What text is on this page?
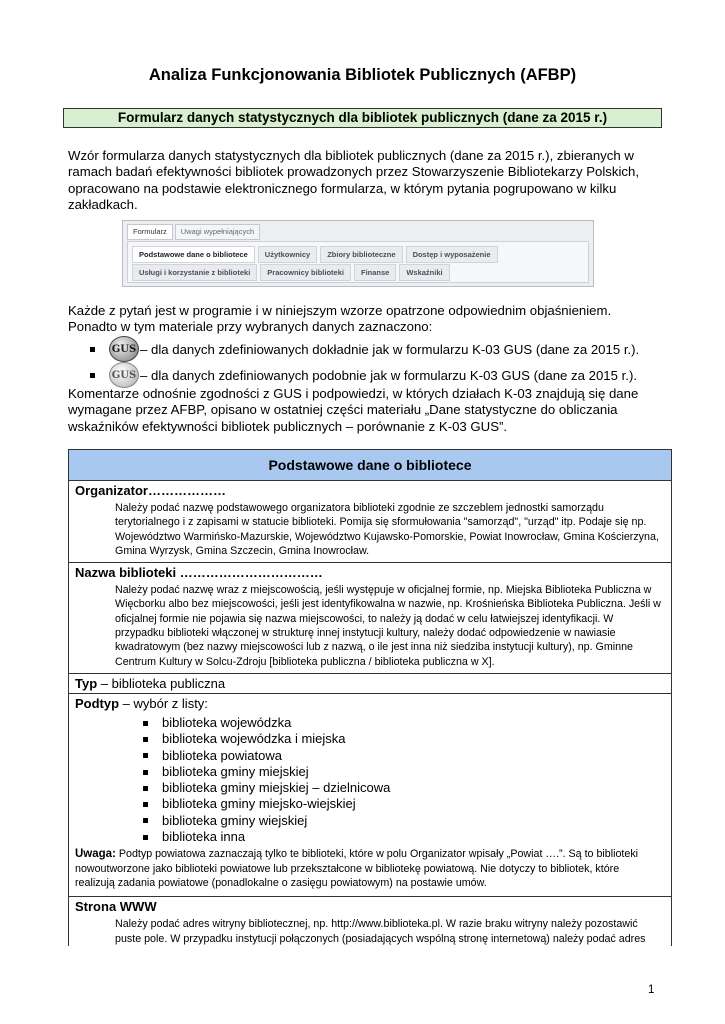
Analiza Funkcjonowania Bibliotek Publicznych (AFBP)
Formularz danych statystycznych dla bibliotek publicznych (dane za 2015 r.)
Wzór formularza danych statystycznych dla bibliotek publicznych (dane za 2015 r.), zbieranych w ramach badań efektywności bibliotek prowadzonych przez Stowarzyszenie Bibliotekarzy Polskich, opracowano na podstawie elektronicznego formularza, w którym pytania pogrupowano w kilku zakładkach.
Formularz	Uwagi wypełniających
Podstawowe dane o bibliotece	Użytkownicy	Zbiory biblioteczne	Dostęp i wyposażenie
Usługi i korzystanie z biblioteki	Pracownicy biblioteki	Finanse	Wskaźniki
Każde z pytań jest w programie i w niniejszym wzorze opatrzone odpowiednim objaśnieniem. Ponadto w tym materiale przy wybranych danych zaznaczono:
GUS – dla danych zdefiniowanych dokładnie jak w formularzu K-03 GUS (dane za 2015 r.).
GUS – dla danych zdefiniowanych podobnie jak w formularzu K-03 GUS (dane za 2015 r.).
Komentarze odnośnie zgodności z GUS i podpowiedzi, w których działach K-03 znajdują się dane wymagane przez AFBP, opisano w ostatniej części materiału „Dane statystyczne do obliczania wskaźników efektywności bibliotek publicznych – porównanie z K-03 GUS”.
Podstawowe dane o bibliotece

Organizator………………
Należy podać nazwę podstawowego organizatora biblioteki zgodnie ze szczeblem jednostki samorządu terytorialnego i z zapisami w statucie biblioteki. Pomija się sformułowania "samorząd", "urząd" itp. Podaje się np. Województwo Warmińsko-Mazurskie, Województwo Kujawsko-Pomorskie, Powiat Inowrocław, Gmina Kościerzyna, Gmina Wyrzysk, Gmina Szczecin, Gmina Inowrocław.

Nazwa biblioteki ……………………………
Należy podać nazwę wraz z miejscowością, jeśli występuje w oficjalnej formie, np. Miejska Biblioteka Publiczna w Więcborku albo bez miejscowości, jeśli jest identyfikowalna w nazwie, np. Krośnieńska Biblioteka Publiczna. Jeśli w oficjalnej formie nie pojawia się nazwa miejscowości, to należy ją dodać w celu łatwiejszej identyfikacji. W przypadku biblioteki włączonej w strukturę innej instytucji kultury, należy dodać odpowiedzenie w nawiasie kwadratowym (bez nazwy miejscowości lub z nazwą, o ile jest inna niż siedziba instytucji kultury), np. Gminne Centrum Kultury w Solcu-Zdroju [biblioteka publiczna / biblioteka publiczna w X].

Typ – biblioteka publiczna

Podtyp – wybór z listy:
biblioteka wojewódzka
biblioteka wojewódzka i miejska
biblioteka powiatowa
biblioteka gminy miejskiej
biblioteka gminy miejskiej – dzielnicowa
biblioteka gminy miejsko-wiejskiej
biblioteka gminy wiejskiej
biblioteka inna
Uwaga: Podtyp powiatowa zaznaczają tylko te biblioteki, które w polu Organizator wpisały „Powiat ….”. Są to biblioteki nowoutworzone jako biblioteki powiatowe lub przekształcone w bibliotekę powiatową. Nie dotyczy to bibliotek, które realizują zadania powiatowe (ponadlokalne o zasięgu powiatowym) na postawie umów.

Strona WWW
Należy podać adres witryny bibliotecznej, np. http://www.biblioteka.pl. W razie braku witryny należy pozostawić puste pole. W przypadku instytucji połączonych (posiadających wspólną stronę internetową) należy podać adres
1
